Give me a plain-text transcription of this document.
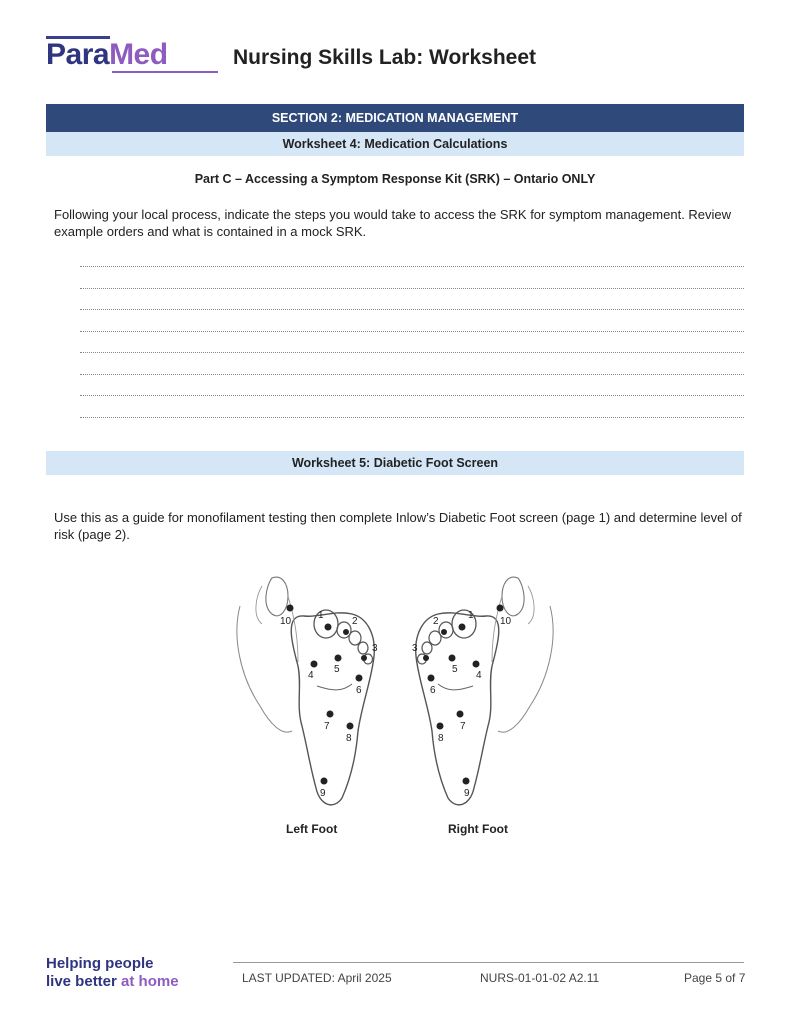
ParaMed	Nursing Skills Lab: Worksheet
SECTION 2: MEDICATION MANAGEMENT
Worksheet 4: Medication Calculations
Part C – Accessing a Symptom Response Kit (SRK) – Ontario ONLY
Following your local process, indicate the steps you would take to access the SRK for symptom management. Review example orders and what is contained in a mock SRK.
Worksheet 5: Diabetic Foot Screen
Use this as a guide for monofilament testing then complete Inlow’s Diabetic Foot screen (page 1) and determine level of risk (page 2).
10
1
2
3
4
5
6
7
8
9
10
1
2
3
4
5
6
7
8
9
Left Foot	Right Foot
Helping people
live better at home	LAST UPDATED: April 2025	NURS-01-01-02 A2.11	Page 5 of 7
